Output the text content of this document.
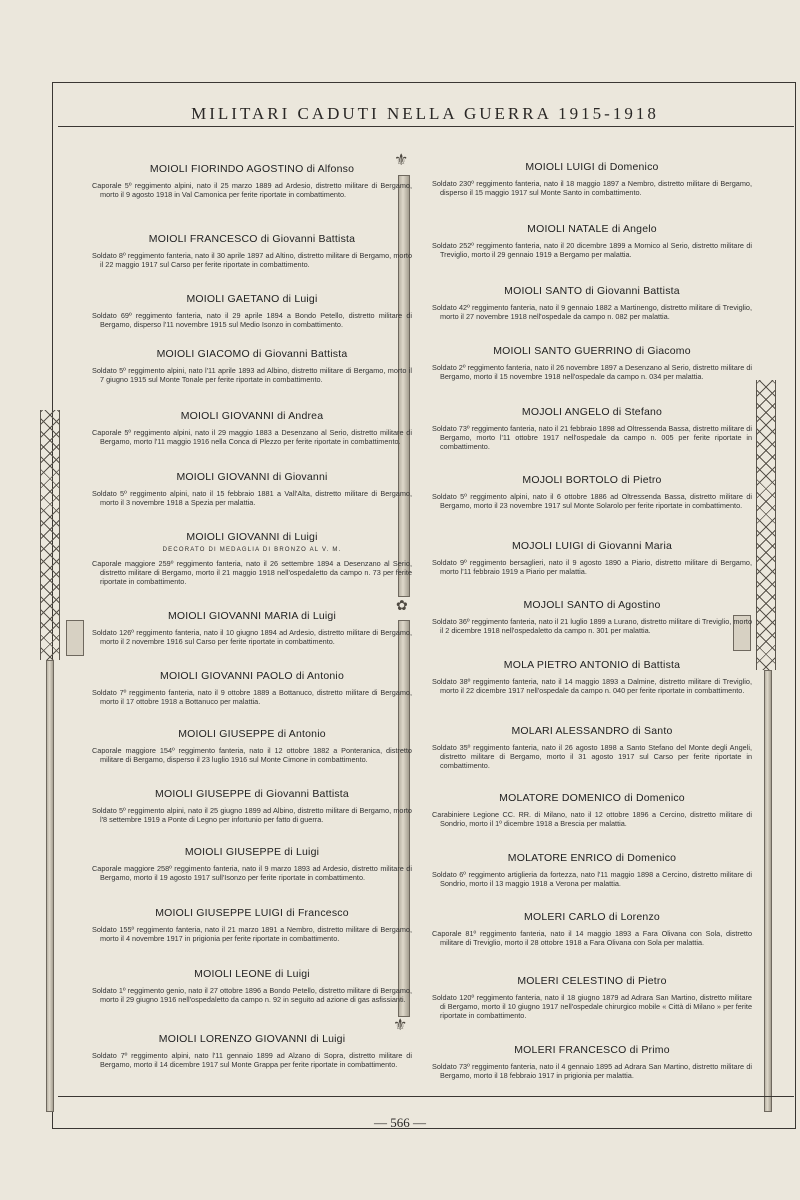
MILITARI CADUTI NELLA GUERRA 1915-1918
⚜
✿
⚜
MOIOLI FIORINDO AGOSTINO di Alfonso
Caporale 5º reggimento alpini, nato il 25 marzo 1889 ad Ardesio, distretto militare di Bergamo, morto il 9 agosto 1918 in Val Camonica per ferite riportate in combattimento.
MOIOLI FRANCESCO di Giovanni Battista
Soldato 8º reggimento fanteria, nato il 30 aprile 1897 ad Altino, distretto militare di Bergamo, morto il 22 maggio 1917 sul Carso per ferite riportate in combattimento.
MOIOLI GAETANO di Luigi
Soldato 69º reggimento fanteria, nato il 29 aprile 1894 a Bondo Petello, distretto militare di Bergamo, disperso l'11 novembre 1915 sul Medio Isonzo in combattimento.
MOIOLI GIACOMO di Giovanni Battista
Soldato 5º reggimento alpini, nato l'11 aprile 1893 ad Albino, distretto militare di Bergamo, morto il 7 giugno 1915 sul Monte Tonale per ferite riportate in combattimento.
MOIOLI GIOVANNI di Andrea
Caporale 5º reggimento alpini, nato il 29 maggio 1883 a Desenzano al Serio, distretto militare di Bergamo, morto l'11 maggio 1916 nella Conca di Plezzo per ferite riportate in combattimento.
MOIOLI GIOVANNI di Giovanni
Soldato 5º reggimento alpini, nato il 15 febbraio 1881 a Vall'Alta, distretto militare di Bergamo, morto il 3 novembre 1918 a Spezia per malattia.
MOIOLI GIOVANNI di Luigi
DECORATO DI MEDAGLIA DI BRONZO AL V. M.
Caporale maggiore 259º reggimento fanteria, nato il 26 settembre 1894 a Desenzano al Serio, distretto militare di Bergamo, morto il 21 maggio 1918 nell'ospedaletto da campo n. 73 per ferite riportate in combattimento.
MOIOLI GIOVANNI MARIA di Luigi
Soldato 126º reggimento fanteria, nato il 10 giugno 1894 ad Ardesio, distretto militare di Bergamo, morto il 2 novembre 1916 sul Carso per ferite riportate in combattimento.
MOIOLI GIOVANNI PAOLO di Antonio
Soldato 7º reggimento fanteria, nato il 9 ottobre 1889 a Bottanuco, distretto militare di Bergamo, morto il 17 ottobre 1918 a Bottanuco per malattia.
MOIOLI GIUSEPPE di Antonio
Caporale maggiore 154º reggimento fanteria, nato il 12 ottobre 1882 a Ponteranica, distretto militare di Bergamo, disperso il 23 luglio 1916 sul Monte Cimone in combattimento.
MOIOLI GIUSEPPE di Giovanni Battista
Soldato 5º reggimento alpini, nato il 25 giugno 1899 ad Albino, distretto militare di Bergamo, morto l'8 settembre 1919 a Ponte di Legno per infortunio per fatto di guerra.
MOIOLI GIUSEPPE di Luigi
Caporale maggiore 258º reggimento fanteria, nato il 9 marzo 1893 ad Ardesio, distretto militare di Bergamo, morto il 19 agosto 1917 sull'Isonzo per ferite riportate in combattimento.
MOIOLI GIUSEPPE LUIGI di Francesco
Soldato 155º reggimento fanteria, nato il 21 marzo 1891 a Nembro, distretto militare di Bergamo, morto il 4 novembre 1917 in prigionia per ferite riportate in combattimento.
MOIOLI LEONE di Luigi
Soldato 1º reggimento genio, nato il 27 ottobre 1896 a Bondo Petello, distretto militare di Bergamo, morto il 29 giugno 1916 nell'ospedaletto da campo n. 92 in seguito ad azione di gas asfissianti.
MOIOLI LORENZO GIOVANNI di Luigi
Soldato 7º reggimento alpini, nato l'11 gennaio 1899 ad Alzano di Sopra, distretto militare di Bergamo, morto il 14 dicembre 1917 sul Monte Grappa per ferite riportate in combattimento.
MOIOLI LUIGI di Domenico
Soldato 230º reggimento fanteria, nato il 18 maggio 1897 a Nembro, distretto militare di Bergamo, disperso il 15 maggio 1917 sul Monte Santo in combattimento.
MOIOLI NATALE di Angelo
Soldato 252º reggimento fanteria, nato il 20 dicembre 1899 a Mornico al Serio, distretto militare di Treviglio, morto il 29 gennaio 1919 a Bergamo per malattia.
MOIOLI SANTO di Giovanni Battista
Soldato 42º reggimento fanteria, nato il 9 gennaio 1882 a Martinengo, distretto militare di Treviglio, morto il 27 novembre 1918 nell'ospedale da campo n. 082 per malattia.
MOIOLI SANTO GUERRINO di Giacomo
Soldato 2º reggimento fanteria, nato il 26 novembre 1897 a Desenzano al Serio, distretto militare di Bergamo, morto il 15 novembre 1918 nell'ospedale da campo n. 034 per malattia.
MOJOLI ANGELO di Stefano
Soldato 73º reggimento fanteria, nato il 21 febbraio 1898 ad Oltressenda Bassa, distretto militare di Bergamo, morto l'11 ottobre 1917 nell'ospedale da campo n. 005 per ferite riportate in combattimento.
MOJOLI BORTOLO di Pietro
Soldato 5º reggimento alpini, nato il 6 ottobre 1886 ad Oltressenda Bassa, distretto militare di Bergamo, morto il 23 novembre 1917 sul Monte Solarolo per ferite riportate in combattimento.
MOJOLI LUIGI di Giovanni Maria
Soldato 9º reggimento bersaglieri, nato il 9 agosto 1890 a Piario, distretto militare di Bergamo, morto l'11 febbraio 1919 a Piario per malattia.
MOJOLI SANTO di Agostino
Soldato 36º reggimento fanteria, nato il 21 luglio 1899 a Lurano, distretto militare di Treviglio, morto il 2 dicembre 1918 nell'ospedaletto da campo n. 301 per malattia.
MOLA PIETRO ANTONIO di Battista
Soldato 38º reggimento fanteria, nato il 14 maggio 1893 a Dalmine, distretto militare di Treviglio, morto il 22 dicembre 1917 nell'ospedale da campo n. 040 per ferite riportate in combattimento.
MOLARI ALESSANDRO di Santo
Soldato 35º reggimento fanteria, nato il 26 agosto 1898 a Santo Stefano del Monte degli Angeli, distretto militare di Bergamo, morto il 31 agosto 1917 sul Carso per ferite riportate in combattimento.
MOLATORE DOMENICO di Domenico
Carabiniere Legione CC. RR. di Milano, nato il 12 ottobre 1896 a Cercino, distretto militare di Sondrio, morto il 1º dicembre 1918 a Brescia per malattia.
MOLATORE ENRICO di Domenico
Soldato 6º reggimento artiglieria da fortezza, nato l'11 maggio 1898 a Cercino, distretto militare di Sondrio, morto il 13 maggio 1918 a Verona per malattia.
MOLERI CARLO di Lorenzo
Caporale 81º reggimento fanteria, nato il 14 maggio 1893 a Fara Olivana con Sola, distretto militare di Treviglio, morto il 28 ottobre 1918 a Fara Olivana con Sola per malattia.
MOLERI CELESTINO di Pietro
Soldato 120º reggimento fanteria, nato il 18 giugno 1879 ad Adrara San Martino, distretto militare di Bergamo, morto il 10 giugno 1917 nell'ospedale chirurgico mobile « Città di Milano » per ferite riportate in combattimento.
MOLERI FRANCESCO di Primo
Soldato 73º reggimento fanteria, nato il 4 gennaio 1895 ad Adrara San Martino, distretto militare di Bergamo, morto il 18 febbraio 1917 in prigionia per malattia.
— 566 —
